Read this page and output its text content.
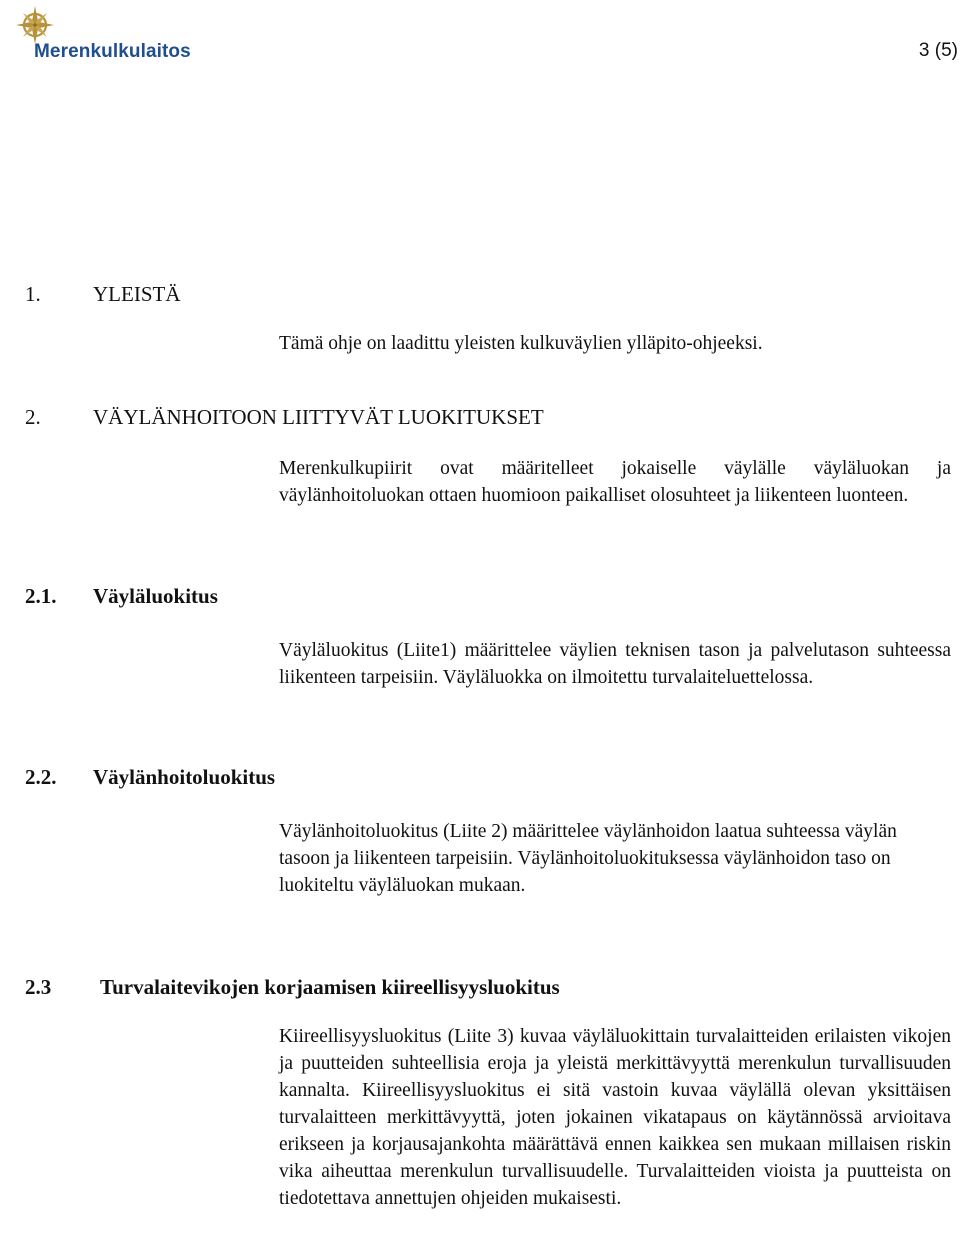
Merenkulkulaitos	3 (5)
1. YLEISTÄ
Tämä ohje on laadittu yleisten kulkuväylien ylläpito-ohjeeksi.
2. VÄYLÄNHOITOON LIITTYVÄT LUOKITUKSET
Merenkulkupiirit ovat määritelleet jokaiselle väylälle väyläluokan ja väylänhoitoluokan ottaen huomioon paikalliset olosuhteet ja liikenteen luonteen.
2.1. Väyläluokitus
Väyläluokitus (Liite1) määrittelee väylien teknisen tason ja palvelutason suhteessa liikenteen tarpeisiin. Väyläluokka on ilmoitettu turvalaiteluettelossa.
2.2. Väylänhoitoluokitus
Väylänhoitoluokitus (Liite 2) määrittelee väylänhoidon laatua suhteessa väylän tasoon ja liikenteen tarpeisiin. Väylänhoitoluokituksessa väylänhoidon taso on luokiteltu väyläluokan mukaan.
2.3 Turvalaitevikojen korjaamisen kiireellisyysluokitus
Kiireellisyysluokitus (Liite 3) kuvaa väyläluokittain turvalaitteiden erilaisten vikojen ja puutteiden suhteellisia eroja ja yleistä merkittävyyttä merenkulun turvallisuuden kannalta. Kiireellisyysluokitus ei sitä vastoin kuvaa väylällä olevan yksittäisen turvalaitteen merkittävyyttä, joten jokainen vikatapaus on käytännössä arvioitava erikseen ja korjausajankohta määrättävä ennen kaikkea sen mukaan millaisen riskin vika aiheuttaa merenkulun turvallisuudelle. Turvalaitteiden vioista ja puutteista on tiedotettava annettujen ohjeiden mukaisesti.
